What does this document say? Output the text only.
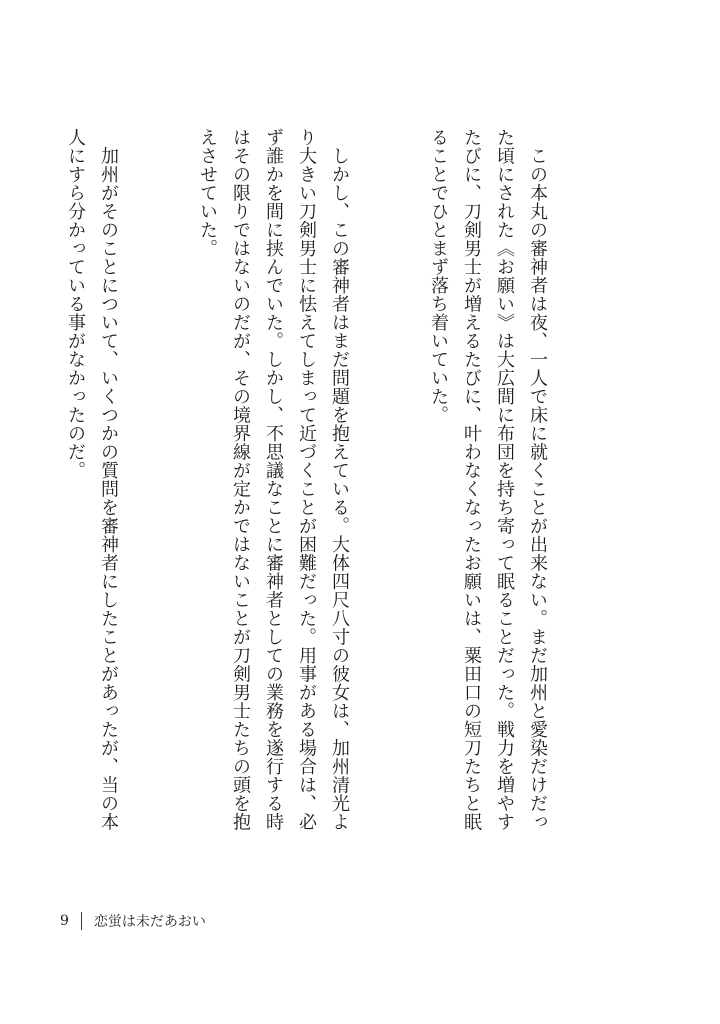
　この本丸の審神者は夜、一人で床に就くことが出来ない。まだ加州と愛染だけだった頃にされた《お願い》は大広間に布団を持ち寄って眠ることだった。戦力を増やすたびに、刀剣男士が増えるたびに、叶わなくなったお願いは、粟田口の短刀たちと眠ることでひとまず落ち着いていた。

　しかし、この審神者はまだ問題を抱えている。大体四尺八寸の彼女は、加州清光より大きい刀剣男士に怯えてしまって近づくことが困難だった。用事がある場合は、必ず誰かを間に挟んでいた。しかし、不思議なことに審神者としての業務を遂行する時はその限りではないのだが、その境界線が定かではないことが刀剣男士たちの頭を抱えさせていた。

　加州がそのことについて、いくつかの質問を審神者にしたことがあったが、当の本人にすら分かっている事がなかったのだ。

9 恋蛍は未だあおい
